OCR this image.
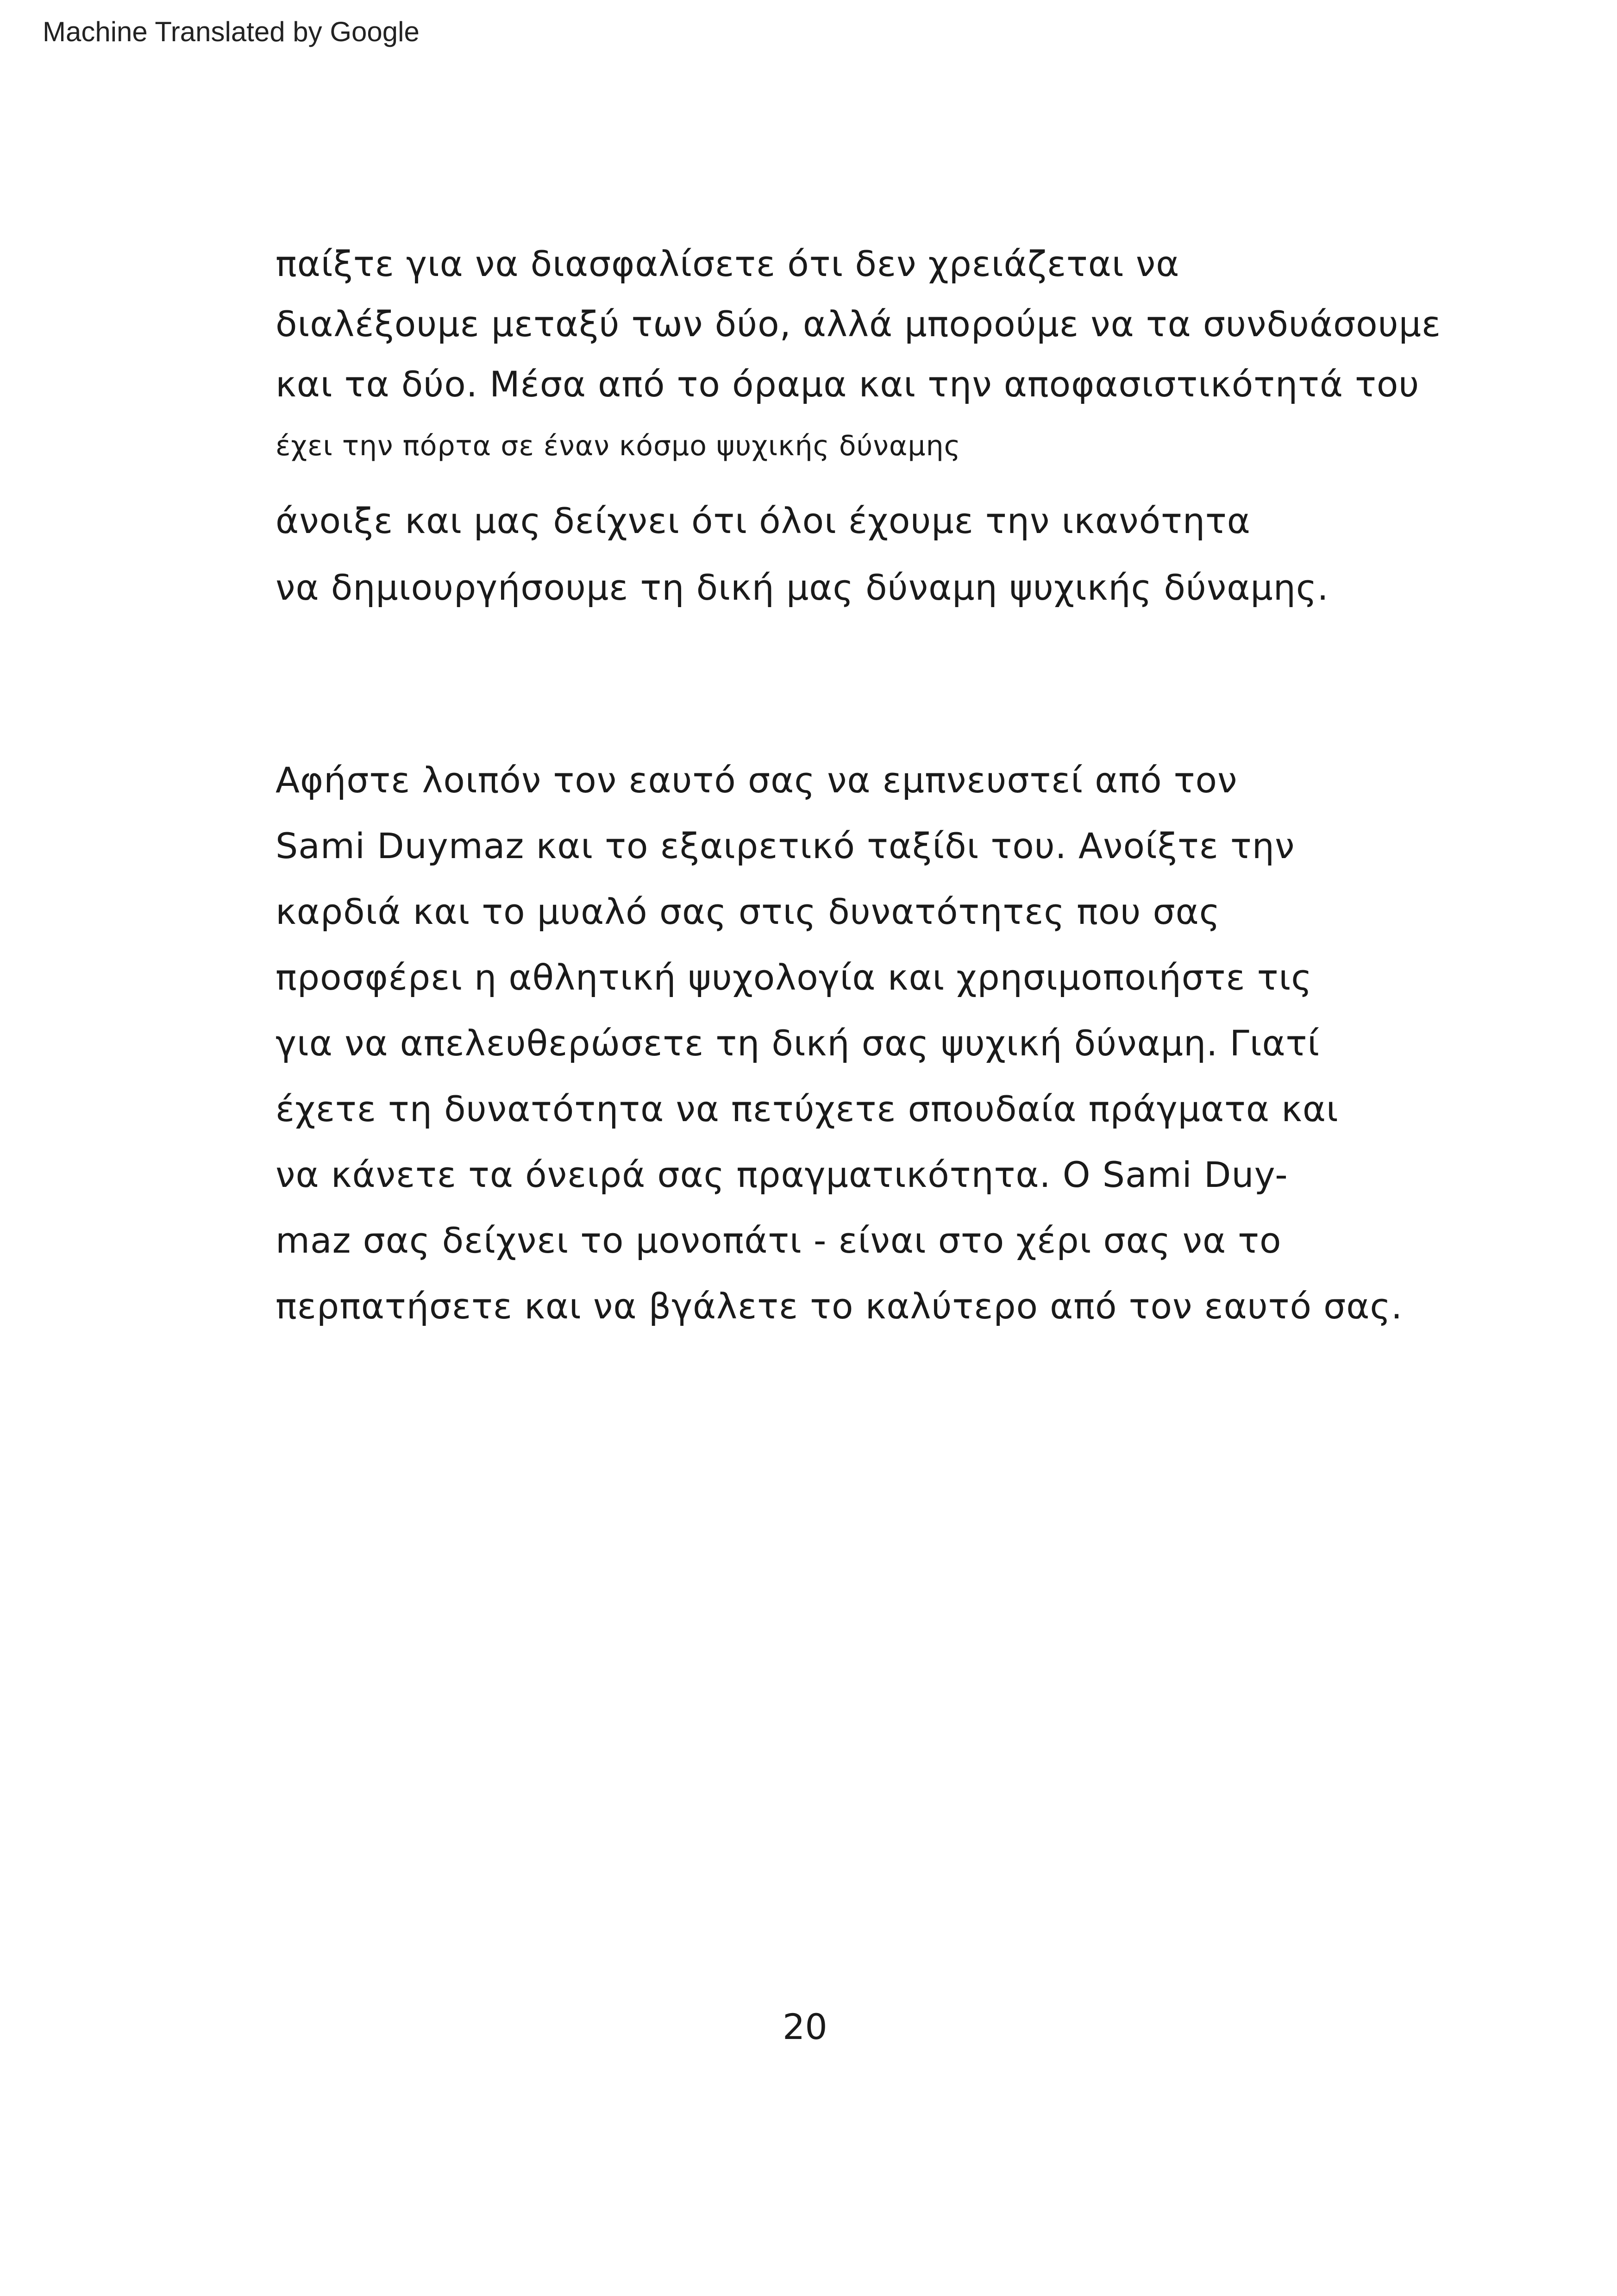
Machine Translated by Google
παίξτε για να διασφαλίσετε ότι δεν χρειάζεται να
διαλέξουμε μεταξύ των δύο, αλλά μπορούμε να τα συνδυάσουμε
και τα δύο. Μέσα από το όραμα και την αποφασιστικότητά του
έχει την πόρτα σε έναν κόσμο ψυχικής δύναμης
άνοιξε και μας δείχνει ότι όλοι έχουμε την ικανότητα
να δημιουργήσουμε τη δική μας δύναμη ψυχικής δύναμης.
Αφήστε λοιπόν τον εαυτό σας να εμπνευστεί από τον
Sami Duymaz και το εξαιρετικό ταξίδι του. Ανοίξτε την
καρδιά και το μυαλό σας στις δυνατότητες που σας
προσφέρει η αθλητική ψυχολογία και χρησιμοποιήστε τις
για να απελευθερώσετε τη δική σας ψυχική δύναμη. Γιατί
έχετε τη δυνατότητα να πετύχετε σπουδαία πράγματα και
να κάνετε τα όνειρά σας πραγματικότητα. Ο Sami Duy-
maz σας δείχνει το μονοπάτι - είναι στο χέρι σας να το
περπατήσετε και να βγάλετε το καλύτερο από τον εαυτό σας.
20
